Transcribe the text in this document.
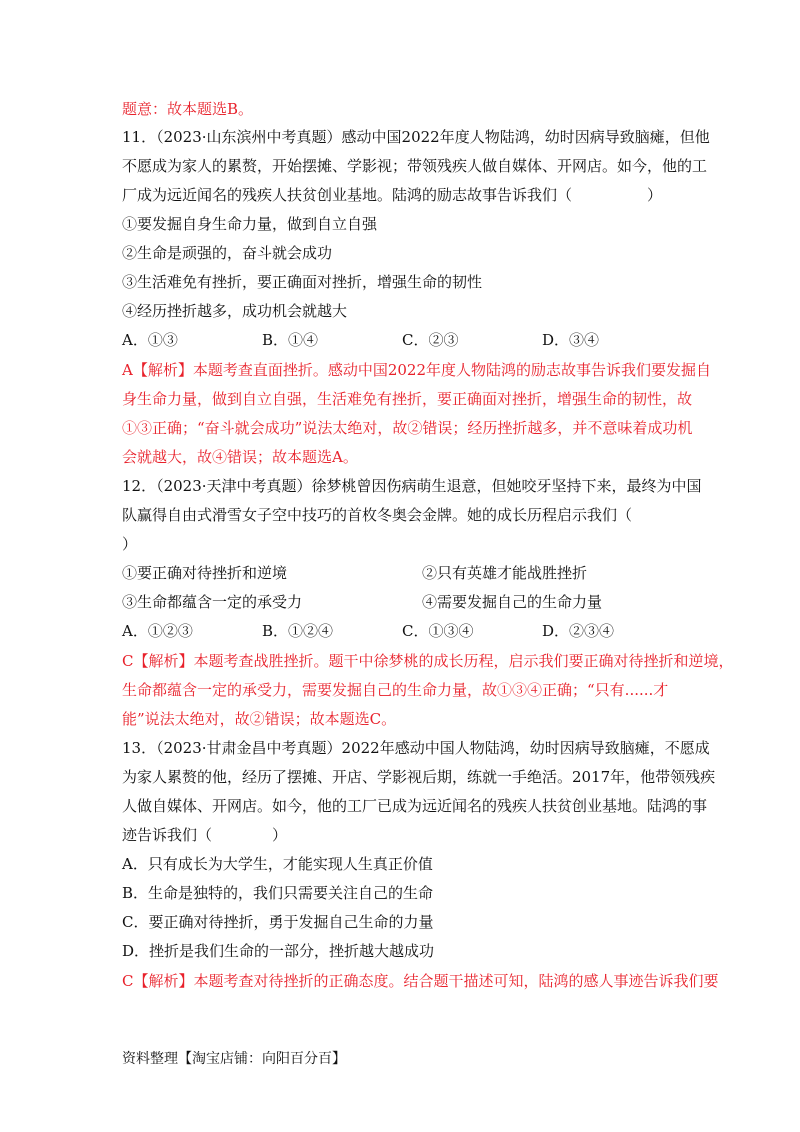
题意：故本题选B。
11．（2023·山东滨州中考真题）感动中国2022年度人物陆鸿，幼时因病导致脑瘫，但他
不愿成为家人的累赘，开始摆摊、学影视；带领残疾人做自媒体、开网店。如今，他的工
厂成为远近闻名的残疾人扶贫创业基地。陆鸿的励志故事告诉我们（　　　　　）
①要发掘自身生命力量，做到自立自强
②生命是顽强的，奋斗就会成功
③生活难免有挫折，要正确面对挫折，增强生命的韧性
④经历挫折越多，成功机会就越大
A．①③	B．①④	C．②③	D．③④
A【解析】本题考查直面挫折。感动中国2022年度人物陆鸿的励志故事告诉我们要发掘自
身生命力量，做到自立自强，生活难免有挫折，要正确面对挫折，增强生命的韧性，故
①③正确；“奋斗就会成功”说法太绝对，故②错误；经历挫折越多，并不意味着成功机
会就越大，故④错误；故本题选A。
12．（2023·天津中考真题）徐梦桃曾因伤病萌生退意，但她咬牙坚持下来，最终为中国
队赢得自由式滑雪女子空中技巧的首枚冬奥会金牌。她的成长历程启示我们（
）
①要正确对待挫折和逆境	②只有英雄才能战胜挫折
③生命都蕴含一定的承受力	④需要发掘自己的生命力量
A．①②③	B．①②④	C．①③④	D．②③④
C【解析】本题考查战胜挫折。题干中徐梦桃的成长历程，启示我们要正确对待挫折和逆境，
生命都蕴含一定的承受力，需要发掘自己的生命力量，故①③④正确；“只有......才
能”说法太绝对，故②错误；故本题选C。
13．（2023·甘肃金昌中考真题）2022年感动中国人物陆鸿，幼时因病导致脑瘫，不愿成
为家人累赘的他，经历了摆摊、开店、学影视后期，练就一手绝活。2017年，他带领残疾
人做自媒体、开网店。如今，他的工厂已成为远近闻名的残疾人扶贫创业基地。陆鸿的事
迹告诉我们（　　　　）
A．只有成长为大学生，才能实现人生真正价值
B．生命是独特的，我们只需要关注自己的生命
C．要正确对待挫折，勇于发掘自己生命的力量
D．挫折是我们生命的一部分，挫折越大越成功
C【解析】本题考查对待挫折的正确态度。结合题干描述可知，陆鸿的感人事迹告诉我们要
资料整理【淘宝店铺：向阳百分百】
